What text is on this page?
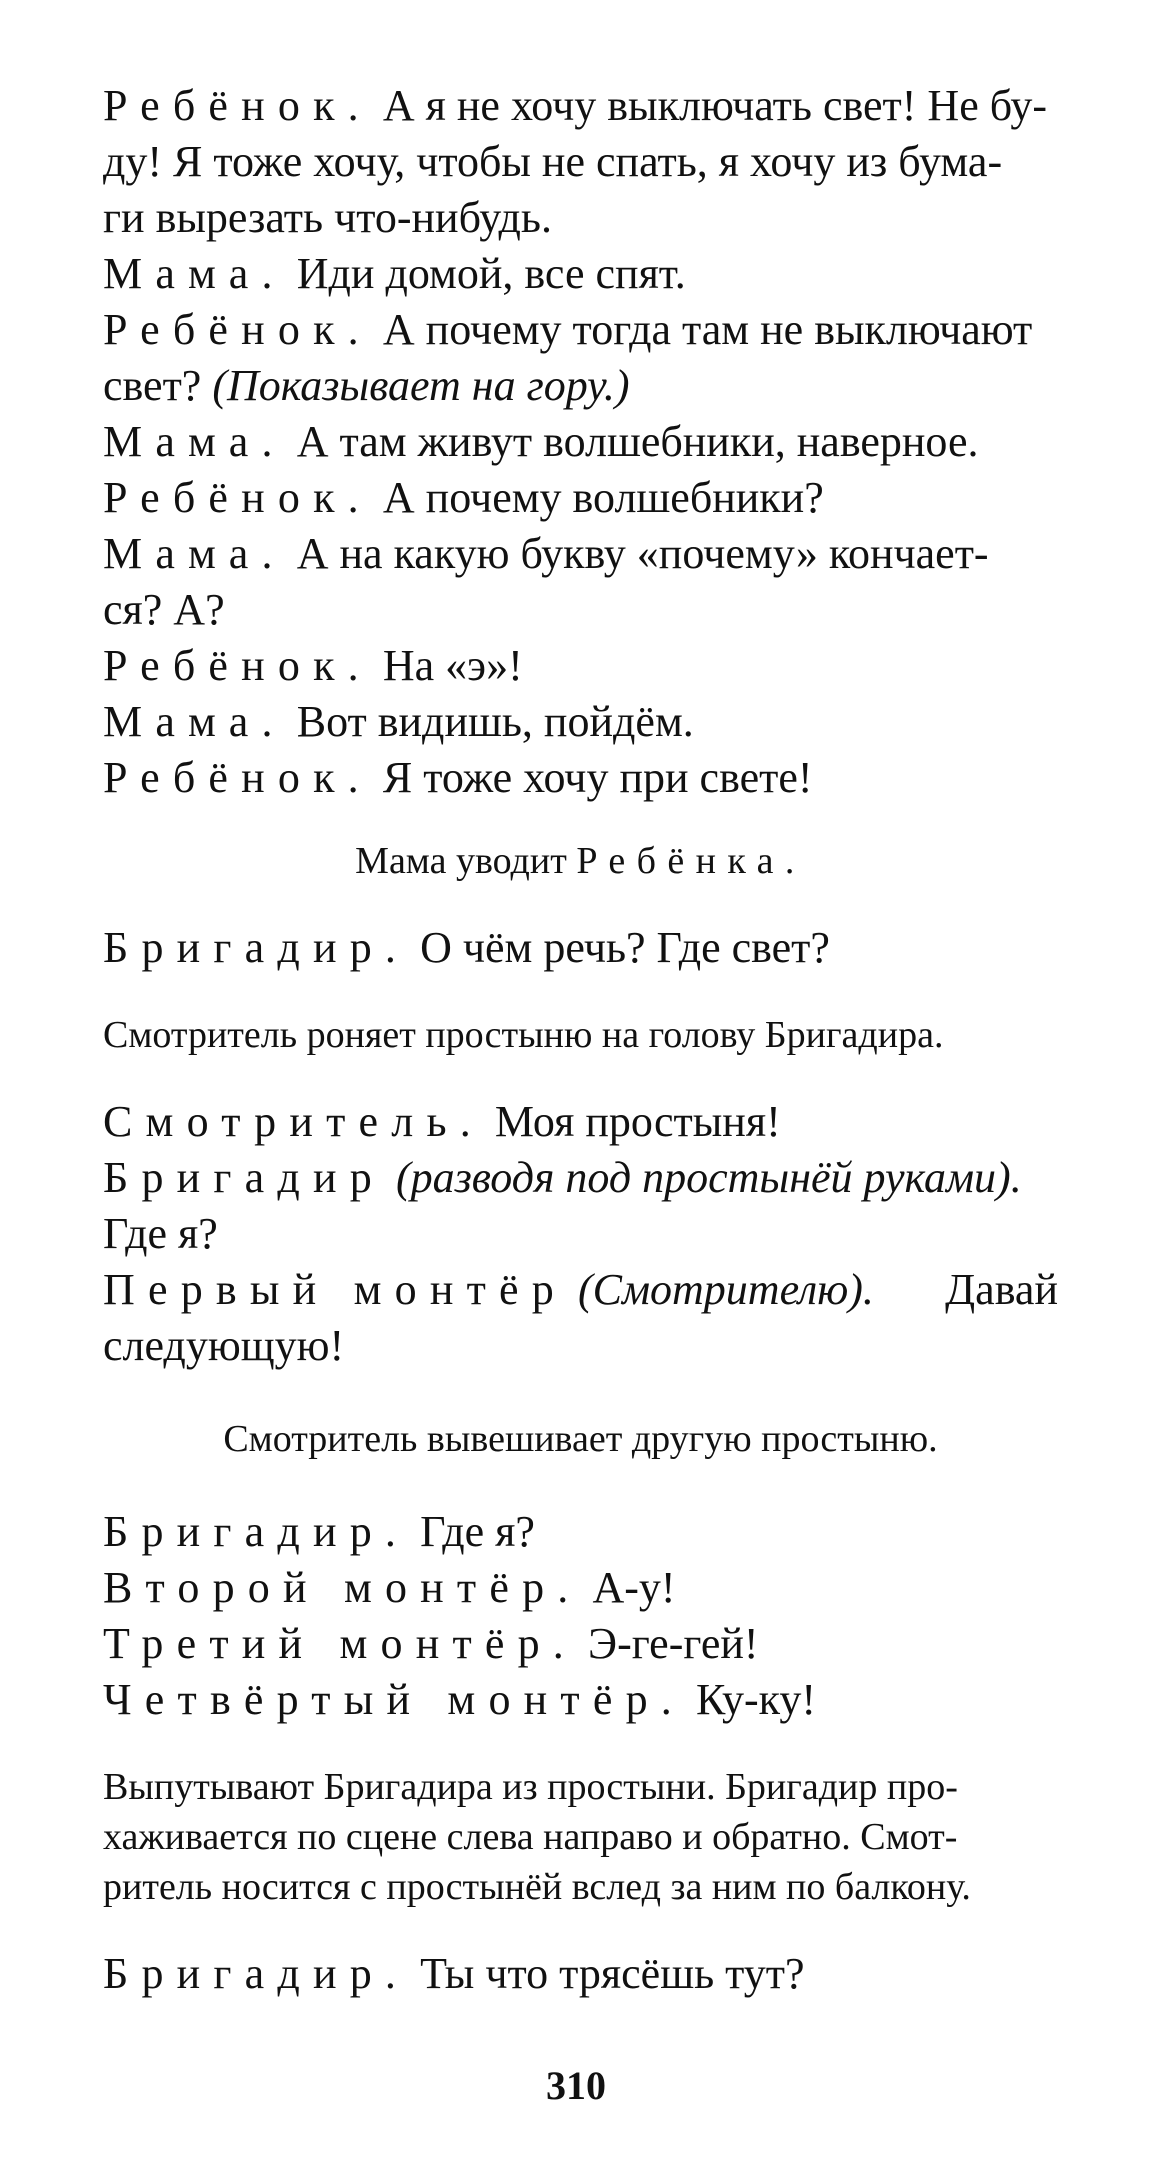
Ребёнок. А я не хочу выключать свет! Не бу-

ду! Я тоже хочу, чтобы не спать, я хочу из бума-

ги вырезать что-нибудь.

Мама. Иди домой, все спят.

Ребёнок. А почему тогда там не выключают

свет? (Показывает на гору.)

Мама. А там живут волшебники, наверное.

Ребёнок. А почему волшебники?

Мама. А на какую букву «почему» кончает-

ся? А?

Ребёнок. На «э»!

Мама. Вот видишь, пойдём.

Ребёнок. Я тоже хочу при свете!

Мама уводит Ребёнка.

Бригадир. О чём речь? Где свет?

Смотритель роняет простыню на голову Бригадира.

Смотритель. Моя простыня!

Бригадир (разводя под простынёй руками).

Где я?

Первый монтёр (Смотрителю). Давай

следующую!

Смотритель вывешивает другую простыню.

Бригадир. Где я?

Второй монтёр. А-у!

Третий монтёр. Э-ге-гей!

Четвёртый монтёр. Ку-ку!

Выпутывают Бригадира из простыни. Бригадир про-

хаживается по сцене слева направо и обратно. Смот-

ритель носится с простынёй вслед за ним по балкону.

Бригадир. Ты что трясёшь тут?

310
